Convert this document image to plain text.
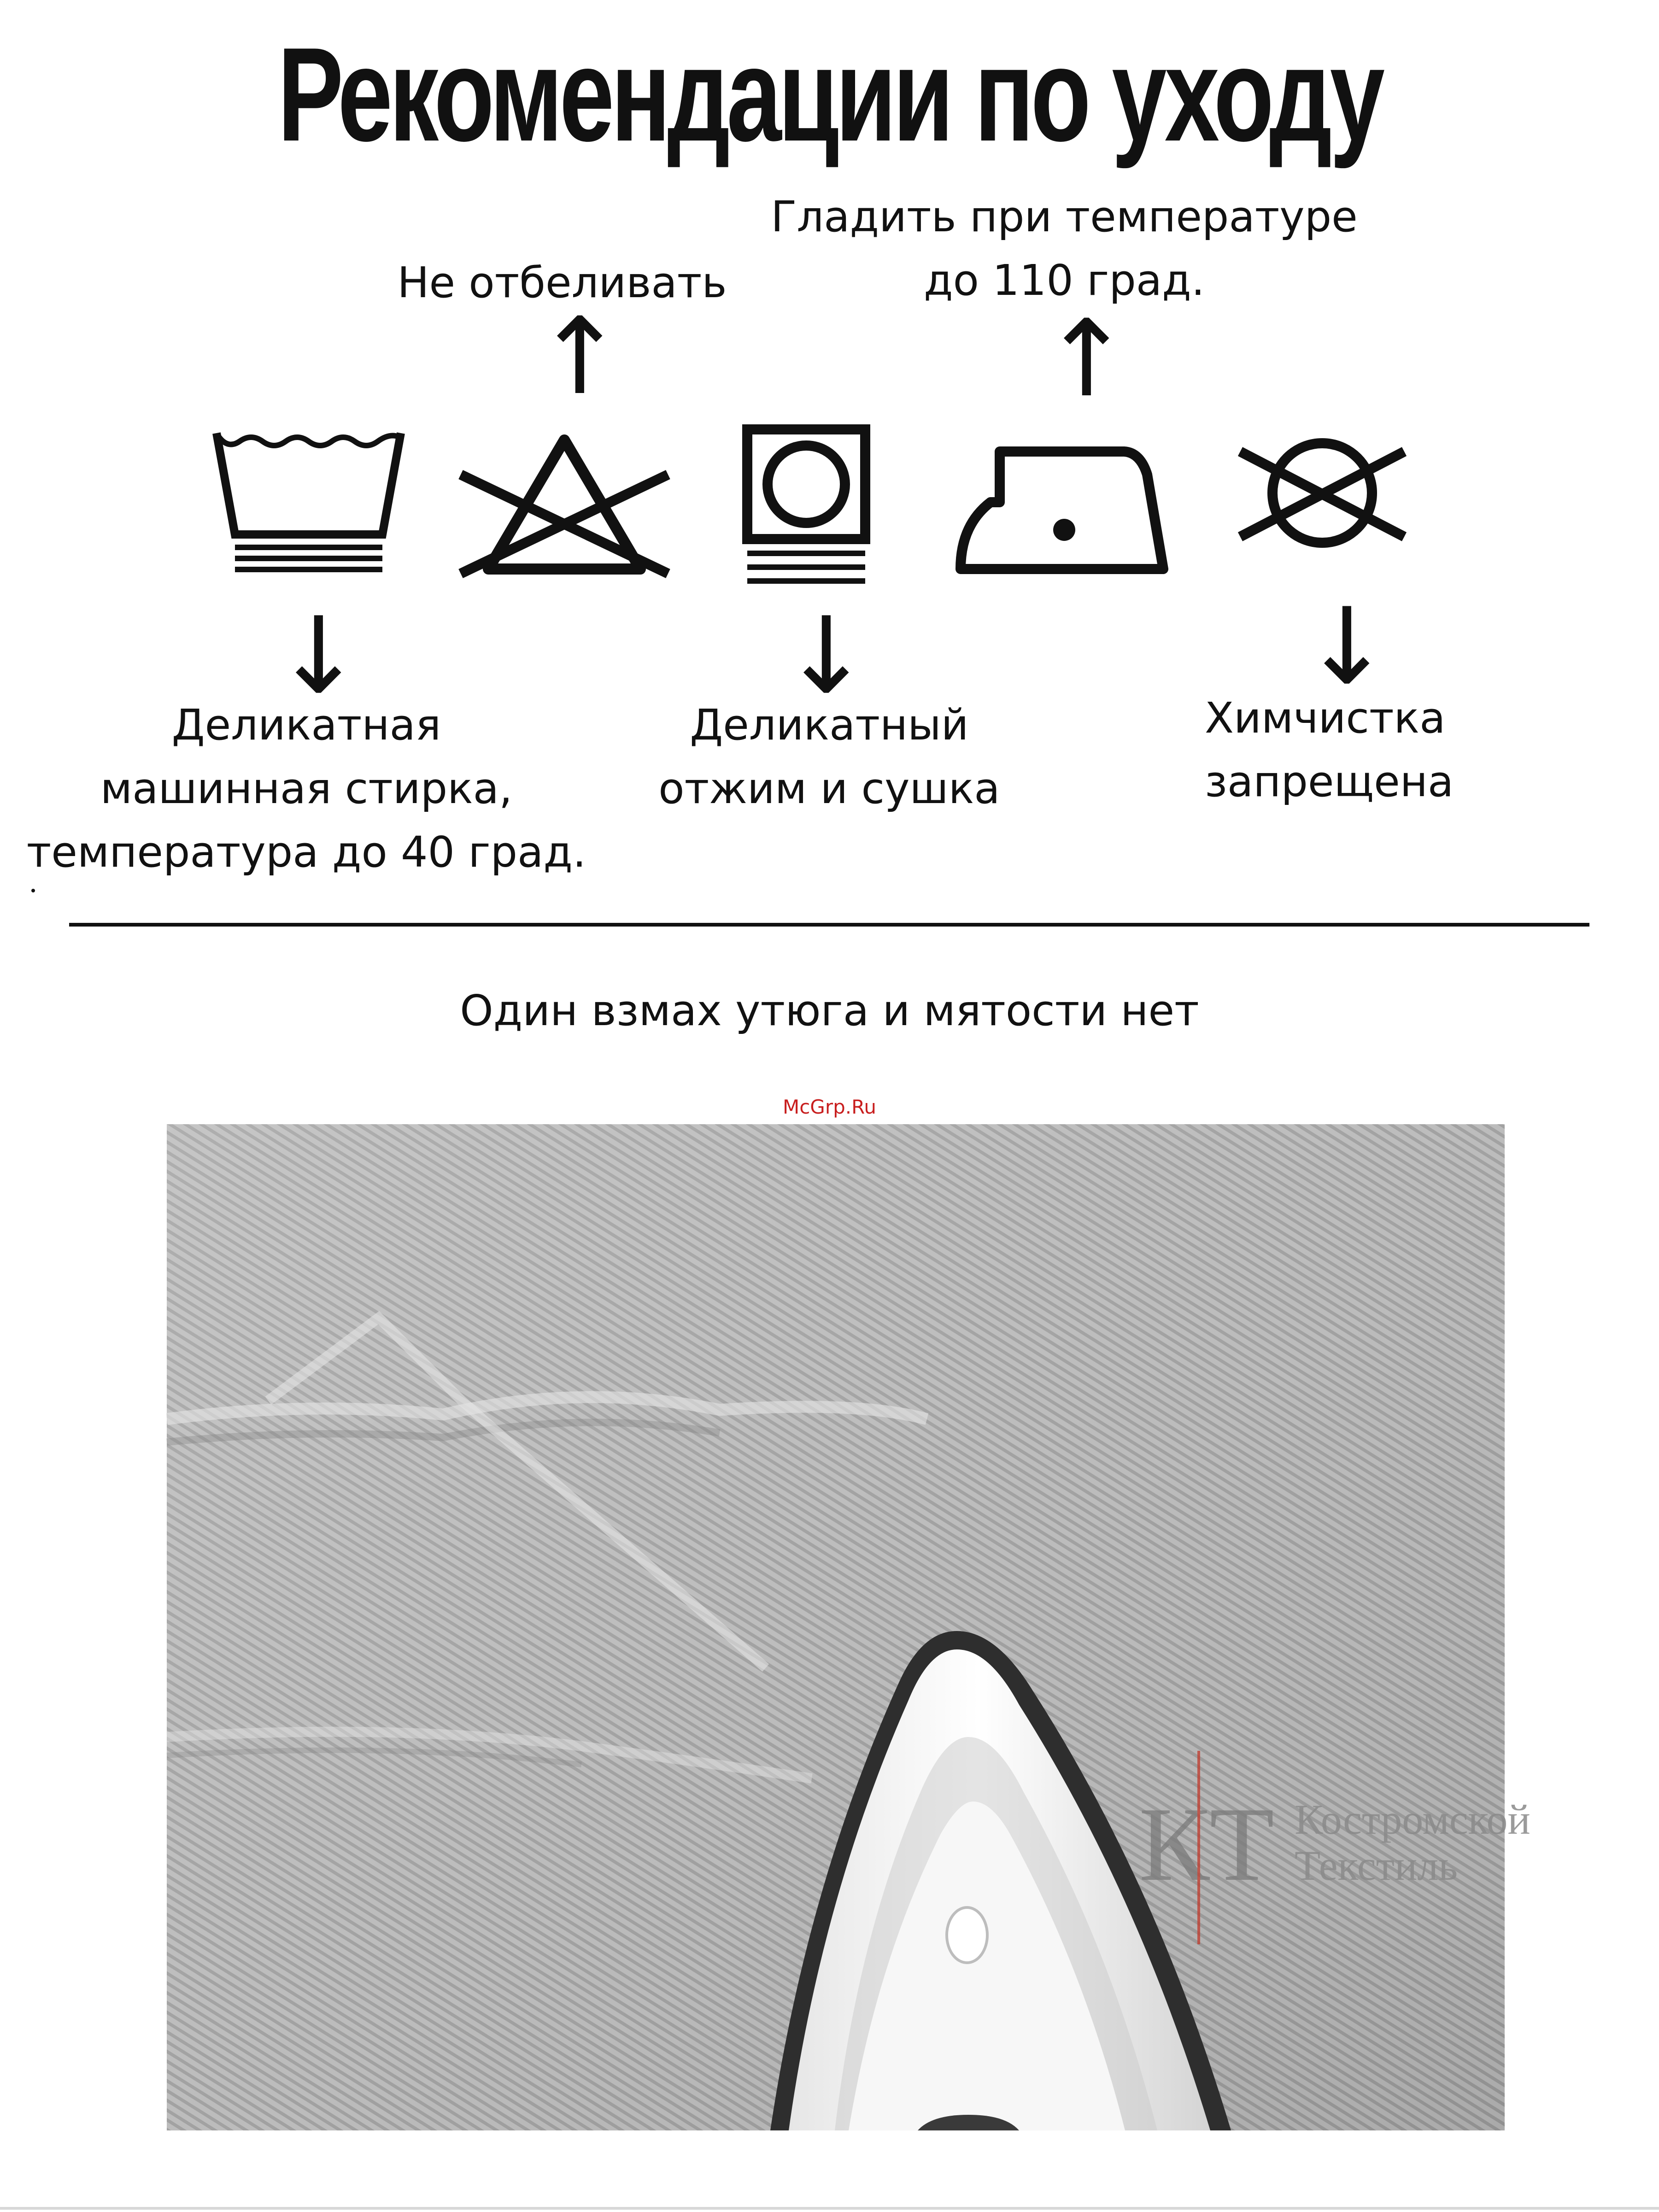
Рекомендации по уходу
Не отбеливать
Гладить при температуре
до 110 град.
↑	↑
↓	↓	↓
Деликатная
машинная стирка,
температура до 40 град.
Деликатный
отжим и сушка
Химчистка
запрещена
Один взмах утюга и мятости нет
McGrp.Ru
КТ Костромской
Текстиль
